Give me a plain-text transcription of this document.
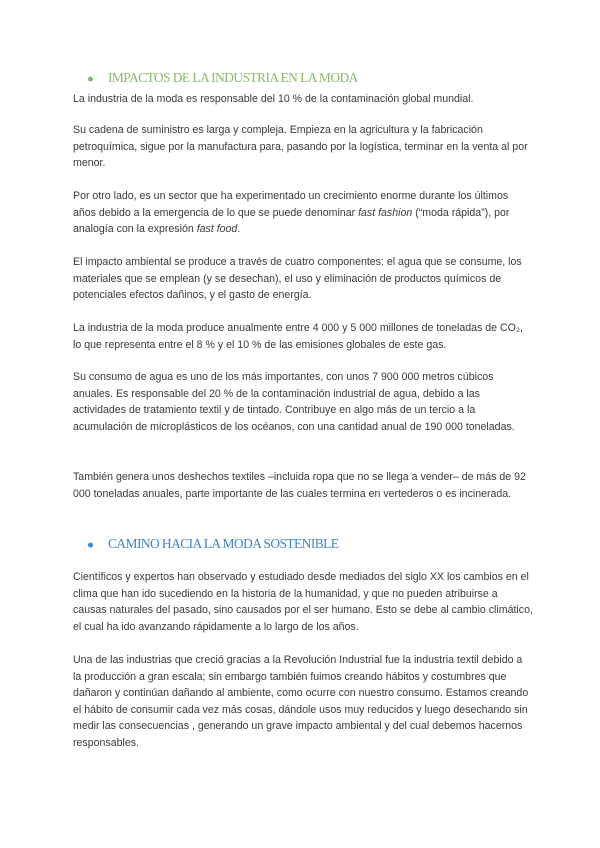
IMPACTOS DE LA INDUSTRIA EN LA MODA

La industria de la moda es responsable del 10 % de la contaminación global mundial.

Su cadena de suministro es larga y compleja. Empieza en la agricultura y la fabricación petroquímica, sigue por la manufactura para, pasando por la logística, terminar en la venta al por menor.

Por otro lado, es un sector que ha experimentado un crecimiento enorme durante los últimos años debido a la emergencia de lo que se puede denominar fast fashion (“moda rápida”), por analogía con la expresión fast food.

El impacto ambiental se produce a través de cuatro componentes: el agua que se consume, los materiales que se emplean (y se desechan), el uso y eliminación de productos químicos de potenciales efectos dañinos, y el gasto de energía.

La industria de la moda produce anualmente entre 4 000 y 5 000 millones de toneladas de CO₂, lo que representa entre el 8 % y el 10 % de las emisiones globales de este gas.

Su consumo de agua es uno de los más importantes, con unos 7 900 000 metros cúbicos anuales. Es responsable del 20 % de la contaminación industrial de agua, debido a las actividades de tratamiento textil y de tintado. Contribuye en algo más de un tercio a la acumulación de microplásticos de los océanos, con una cantidad anual de 190 000 toneladas.

También genera unos deshechos textiles –incluida ropa que no se llega a vender– de más de 92 000 toneladas anuales, parte importante de las cuales termina en vertederos o es incinerada.

CAMINO HACIA LA MODA SOSTENIBLE

Científicos y expertos han observado y estudiado desde mediados del siglo XX los cambios en el clima que han ido sucediendo en la historia de la humanidad, y que no pueden atribuirse a causas naturales del pasado, sino causados por el ser humano. Esto se debe al cambio climático, el cual ha ido avanzando rápidamente a lo largo de los años.

Una de las industrias que creció gracias a la Revolución Industrial fue la industria textil debido a la producción a gran escala; sin embargo también fuimos creando hábitos y costumbres que dañaron y continúan dañando al ambiente, como ocurre con nuestro consumo. Estamos creando el hábito de consumir cada vez más cosas, dándole usos muy reducidos y luego desechando sin medir las consecuencias , generando un grave impacto ambiental y del cual debemos hacernos responsables.
